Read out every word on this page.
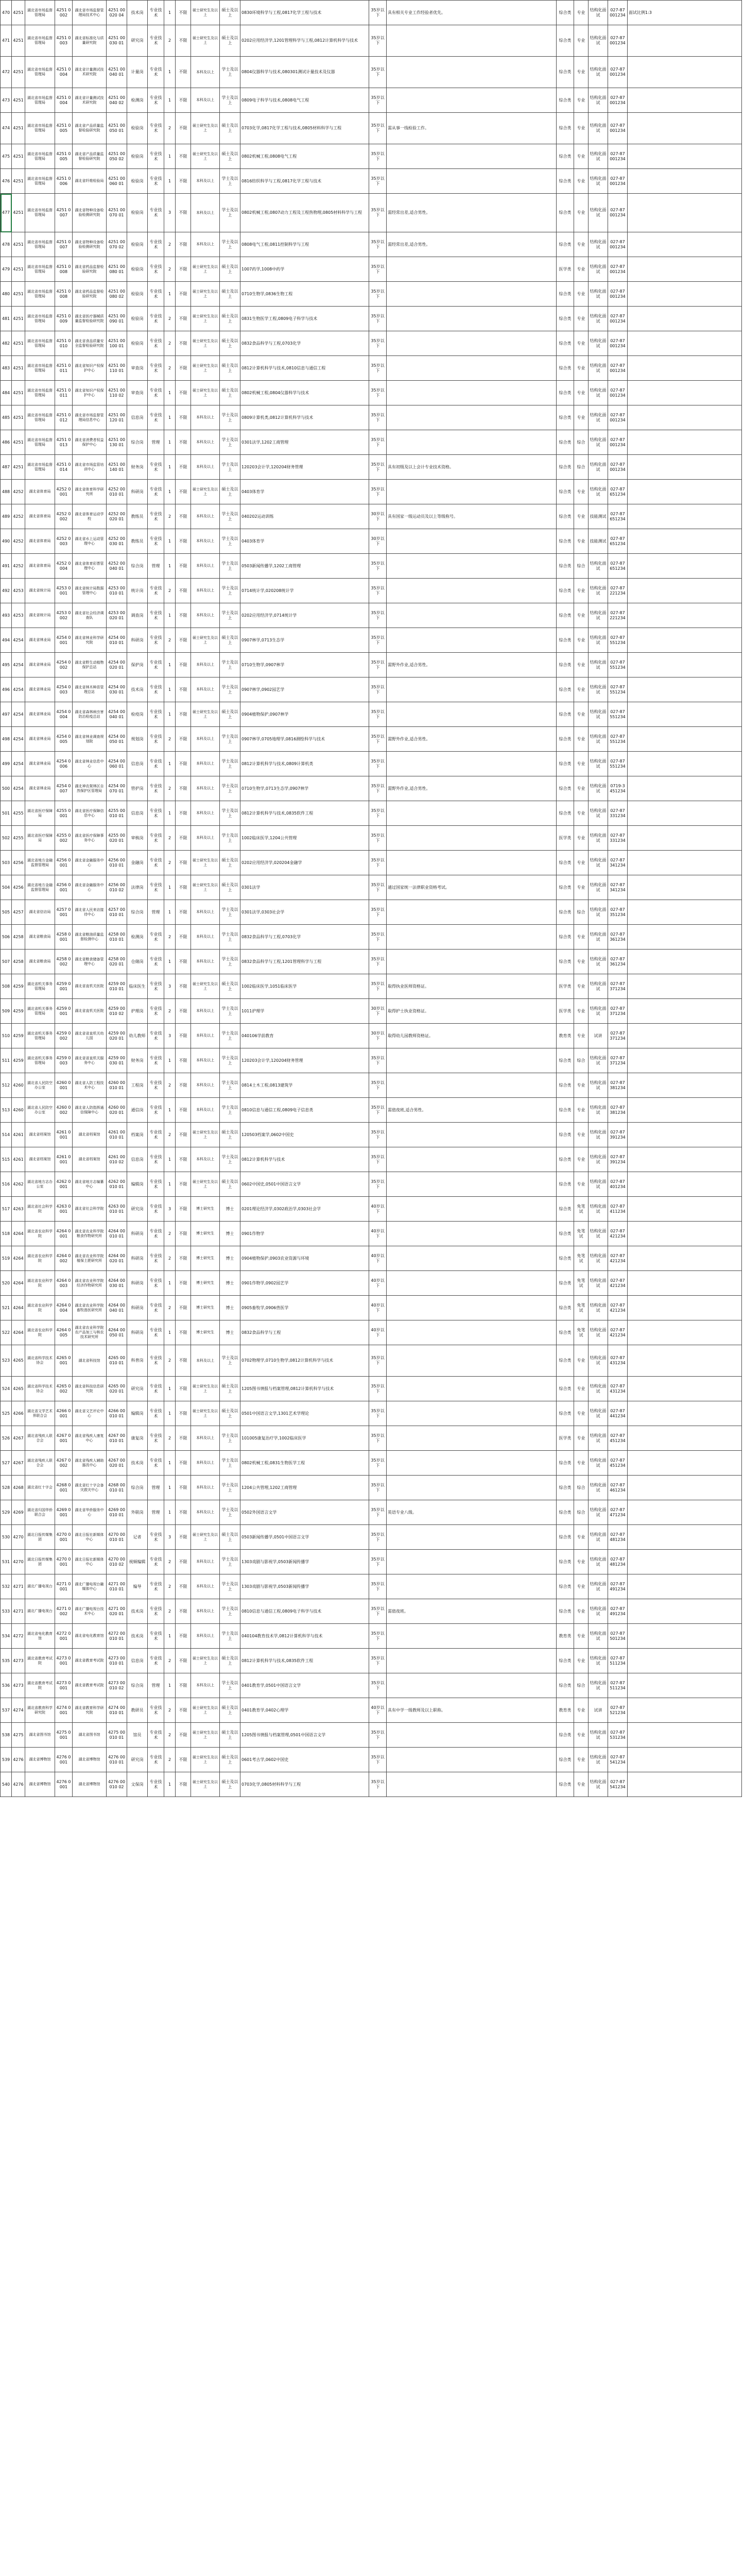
470	4251	湖北省市场监督管理局	4251 0002	湖北省市场监督管理局技术中心	4251 00020 04	技术岗	专业技术	1	不限	硕士研究生及以上	硕士及以上	0830环境科学与工程,0817化学工程与技术	35岁以下	具有相关专业工作经验者优先。	综合类	专业	结构化面试	027-87001234	面试比例1:3
471	4251	湖北省市场监督管理局	4251 0003	湖北省标准化与质量研究院	4251 00030 01	研究岗	专业技术	2	不限	硕士研究生及以上	硕士及以上	0202应用经济学,1201管理科学与工程,0812计算机科学与技术	35岁以下		综合类	专业	结构化面试	027-87001234	
472	4251	湖北省市场监督管理局	4251 0004	湖北省计量测试技术研究院	4251 00040 01	计量岗	专业技术	1	不限	本科及以上	学士及以上	0804仪器科学与技术,080301测试计量技术及仪器	35岁以下		综合类	专业	结构化面试	027-87001234	
473	4251	湖北省市场监督管理局	4251 0004	湖北省计量测试技术研究院	4251 00040 02	检测岗	专业技术	1	不限	本科及以上	学士及以上	0809电子科学与技术,0808电气工程	35岁以下		综合类	专业	结构化面试	027-87001234	
474	4251	湖北省市场监督管理局	4251 0005	湖北省产品质量监督检验研究院	4251 00050 01	检验岗	专业技术	2	不限	硕士研究生及以上	硕士及以上	0703化学,0817化学工程与技术,0805材料科学与工程	35岁以下	需从事一线检验工作。	综合类	专业	结构化面试	027-87001234	
475	4251	湖北省市场监督管理局	4251 0005	湖北省产品质量监督检验研究院	4251 00050 02	检验岗	专业技术	1	不限	硕士研究生及以上	硕士及以上	0802机械工程,0808电气工程	35岁以下		综合类	专业	结构化面试	027-87001234	
476	4251	湖北省市场监督管理局	4251 0006	湖北省纤维检验局	4251 00060 01	检验岗	专业技术	1	不限	本科及以上	学士及以上	0816纺织科学与工程,0817化学工程与技术	35岁以下		综合类	专业	结构化面试	027-87001234	
477	4251	湖北省市场监督管理局	4251 0007	湖北省特种设备检验检测研究院	4251 00070 01	检验岗	专业技术	3	不限	本科及以上	学士及以上	0802机械工程,0807动力工程及工程热物理,0805材料科学与工程	35岁以下	需经常出差,适合男性。	综合类	专业	结构化面试	027-87001234	
478	4251	湖北省市场监督管理局	4251 0007	湖北省特种设备检验检测研究院	4251 00070 02	检验岗	专业技术	2	不限	本科及以上	学士及以上	0808电气工程,0811控制科学与工程	35岁以下	需经常出差,适合男性。	综合类	专业	结构化面试	027-87001234	
479	4251	湖北省市场监督管理局	4251 0008	湖北省药品监督检验研究院	4251 00080 01	检验岗	专业技术	2	不限	硕士研究生及以上	硕士及以上	1007药学,1008中药学	35岁以下		医学类	专业	结构化面试	027-87001234	
480	4251	湖北省市场监督管理局	4251 0008	湖北省药品监督检验研究院	4251 00080 02	检验岗	专业技术	1	不限	硕士研究生及以上	硕士及以上	0710生物学,0836生物工程	35岁以下		综合类	专业	结构化面试	027-87001234	
481	4251	湖北省市场监督管理局	4251 0009	湖北省医疗器械质量监督检验研究院	4251 00090 01	检验岗	专业技术	2	不限	硕士研究生及以上	硕士及以上	0831生物医学工程,0809电子科学与技术	35岁以下		综合类	专业	结构化面试	027-87001234	
482	4251	湖北省市场监督管理局	4251 0010	湖北省食品质量安全监督检验研究院	4251 00100 01	检验岗	专业技术	2	不限	硕士研究生及以上	硕士及以上	0832食品科学与工程,0703化学	35岁以下		综合类	专业	结构化面试	027-87001234	
483	4251	湖北省市场监督管理局	4251 0011	湖北省知识产权保护中心	4251 00110 01	审查岗	专业技术	2	不限	硕士研究生及以上	硕士及以上	0812计算机科学与技术,0810信息与通信工程	35岁以下		综合类	专业	结构化面试	027-87001234	
484	4251	湖北省市场监督管理局	4251 0011	湖北省知识产权保护中心	4251 00110 02	审查岗	专业技术	1	不限	硕士研究生及以上	硕士及以上	0802机械工程,0804仪器科学与技术	35岁以下		综合类	专业	结构化面试	027-87001234	
485	4251	湖北省市场监督管理局	4251 0012	湖北省市场监督管理局信息中心	4251 00120 01	信息岗	专业技术	1	不限	本科及以上	学士及以上	0809计算机类,0812计算机科学与技术	35岁以下		综合类	专业	结构化面试	027-87001234	
486	4251	湖北省市场监督管理局	4251 0013	湖北省消费者权益保护中心	4251 00130 01	综合岗	管理	1	不限	本科及以上	学士及以上	0301法学,1202工商管理	35岁以下		综合类	综合	结构化面试	027-87001234	
487	4251	湖北省市场监督管理局	4251 0014	湖北省市场监管培训中心	4251 00140 01	财务岗	专业技术	1	不限	本科及以上	学士及以上	120203会计学,120204财务管理	35岁以下	具有初级及以上会计专业技术资格。	综合类	综合	结构化面试	027-87001234	
488	4252	湖北省体育局	4252 0001	湖北省体育科学研究所	4252 00010 01	科研岗	专业技术	1	不限	硕士研究生及以上	硕士及以上	0403体育学	35岁以下		综合类	专业	结构化面试	027-87651234	
489	4252	湖北省体育局	4252 0002	湖北省体育运动学校	4252 00020 01	教练员	专业技术	2	不限	本科及以上	学士及以上	040202运动训练	30岁以下	具有国家一级运动员及以上等级称号。	综合类	专业	技能测试	027-87651234	
490	4252	湖北省体育局	4252 0003	湖北省水上运动管理中心	4252 00030 01	教练员	专业技术	1	不限	本科及以上	学士及以上	0403体育学	30岁以下		综合类	专业	技能测试	027-87651234	
491	4252	湖北省体育局	4252 0004	湖北省体育彩票管理中心	4252 00040 01	综合岗	管理	1	不限	本科及以上	学士及以上	0503新闻传播学,1202工商管理	35岁以下		综合类	综合	结构化面试	027-87651234	
492	4253	湖北省统计局	4253 0001	湖北省统计局数据管理中心	4253 00010 01	统计岗	专业技术	2	不限	本科及以上	学士及以上	0714统计学,020208统计学	35岁以下		综合类	专业	结构化面试	027-87221234	
493	4253	湖北省统计局	4253 0002	湖北省社会经济调查队	4253 00020 01	调查岗	专业技术	1	不限	本科及以上	学士及以上	0202应用经济学,0714统计学	35岁以下		综合类	专业	结构化面试	027-87221234	
494	4254	湖北省林业局	4254 0001	湖北省林业科学研究院	4254 00010 01	科研岗	专业技术	2	不限	硕士研究生及以上	硕士及以上	0907林学,0713生态学	35岁以下		综合类	专业	结构化面试	027-87551234	
495	4254	湖北省林业局	4254 0002	湖北省野生动植物保护总站	4254 00020 01	保护岗	专业技术	1	不限	本科及以上	学士及以上	0710生物学,0907林学	35岁以下	需野外作业,适合男性。	综合类	专业	结构化面试	027-87551234	
496	4254	湖北省林业局	4254 0003	湖北省林木种苗管理总站	4254 00030 01	技术岗	专业技术	1	不限	本科及以上	学士及以上	0907林学,0902园艺学	35岁以下		综合类	专业	结构化面试	027-87551234	
497	4254	湖北省林业局	4254 0004	湖北省森林病虫害防治检疫总站	4254 00040 01	检疫岗	专业技术	1	不限	硕士研究生及以上	硕士及以上	0904植物保护,0907林学	35岁以下		综合类	专业	结构化面试	027-87551234	
498	4254	湖北省林业局	4254 0005	湖北省林业调查规划院	4254 00050 01	规划岗	专业技术	2	不限	本科及以上	学士及以上	0907林学,0705地理学,0816测绘科学与技术	35岁以下	需野外作业,适合男性。	综合类	专业	结构化面试	027-87551234	
499	4254	湖北省林业局	4254 0006	湖北省林业信息中心	4254 00060 01	信息岗	专业技术	1	不限	本科及以上	学士及以上	0812计算机科学与技术,0809计算机类	35岁以下		综合类	专业	结构化面试	027-87551234	
500	4254	湖北省林业局	4254 0007	湖北神农架林区自然保护区管理局	4254 00070 01	管护岗	专业技术	2	不限	本科及以上	学士及以上	0710生物学,0713生态学,0907林学	35岁以下	需野外作业,适合男性。	综合类	专业	结构化面试	0719-3451234	
501	4255	湖北省医疗保障局	4255 0001	湖北省医疗保障信息中心	4255 00010 01	信息岗	专业技术	1	不限	本科及以上	学士及以上	0812计算机科学与技术,0835软件工程	35岁以下		综合类	专业	结构化面试	027-87331234	
502	4255	湖北省医疗保障局	4255 0002	湖北省医疗保障事务中心	4255 00020 01	审核岗	专业技术	2	不限	本科及以上	学士及以上	1002临床医学,1204公共管理	35岁以下		医学类	专业	结构化面试	027-87331234	
503	4256	湖北省地方金融监督管理局	4256 0001	湖北省金融服务中心	4256 00010 01	金融岗	专业技术	2	不限	硕士研究生及以上	硕士及以上	0202应用经济学,020204金融学	35岁以下		综合类	专业	结构化面试	027-87341234	
504	4256	湖北省地方金融监督管理局	4256 0001	湖北省金融服务中心	4256 00010 02	法律岗	专业技术	1	不限	硕士研究生及以上	硕士及以上	0301法学	35岁以下	通过国家统一法律职业资格考试。	综合类	专业	结构化面试	027-87341234	
505	4257	湖北省信访局	4257 0001	湖北省人民来访接待中心	4257 00010 01	综合岗	管理	1	不限	本科及以上	学士及以上	0301法学,0303社会学	35岁以下		综合类	综合	结构化面试	027-87351234	
506	4258	湖北省粮食局	4258 0001	湖北省粮油质量监督检测中心	4258 00010 01	检测岗	专业技术	2	不限	本科及以上	学士及以上	0832食品科学与工程,0703化学	35岁以下		综合类	专业	结构化面试	027-87361234	
507	4258	湖北省粮食局	4258 0002	湖北省粮食储备管理中心	4258 00020 01	仓储岗	专业技术	1	不限	本科及以上	学士及以上	0832食品科学与工程,1201管理科学与工程	35岁以下		综合类	专业	结构化面试	027-87361234	
508	4259	湖北省机关事务管理局	4259 0001	湖北省直机关医院	4259 00010 01	临床医生	专业技术	3	不限	硕士研究生及以上	硕士及以上	1002临床医学,1051临床医学	35岁以下	取得执业医师资格证。	医学类	专业	结构化面试	027-87371234	
509	4259	湖北省机关事务管理局	4259 0001	湖北省直机关医院	4259 00010 02	护理岗	专业技术	2	不限	本科及以上	学士及以上	1011护理学	30岁以下	取得护士执业资格证。	医学类	专业	结构化面试	027-87371234	
510	4259	湖北省机关事务管理局	4259 0002	湖北省省直机关幼儿园	4259 00020 01	幼儿教师	专业技术	3	不限	本科及以上	学士及以上	040106学前教育	30岁以下	取得幼儿园教师资格证。	教育类	专业	试讲	027-87371234	
511	4259	湖北省机关事务管理局	4259 0003	湖北省省直机关服务中心	4259 00030 01	财务岗	专业技术	1	不限	本科及以上	学士及以上	120203会计学,120204财务管理	35岁以下		综合类	综合	结构化面试	027-87371234	
512	4260	湖北省人民防空办公室	4260 0001	湖北省人防工程技术中心	4260 00010 01	工程岗	专业技术	2	不限	本科及以上	学士及以上	0814土木工程,0813建筑学	35岁以下		综合类	专业	结构化面试	027-87381234	
513	4260	湖北省人民防空办公室	4260 0002	湖北省人防指挥通信保障中心	4260 00020 01	通信岗	专业技术	1	不限	本科及以上	学士及以上	0810信息与通信工程,0809电子信息类	35岁以下	需值夜班,适合男性。	综合类	专业	结构化面试	027-87381234	
514	4261	湖北省档案馆	4261 0001	湖北省档案馆	4261 00010 01	档案岗	专业技术	2	不限	硕士研究生及以上	硕士及以上	120503档案学,0602中国史	35岁以下		综合类	专业	结构化面试	027-87391234	
515	4261	湖北省档案馆	4261 0001	湖北省档案馆	4261 00010 02	信息岗	专业技术	1	不限	本科及以上	学士及以上	0812计算机科学与技术	35岁以下		综合类	专业	结构化面试	027-87391234	
516	4262	湖北省地方志办公室	4262 0001	湖北省地方志编纂中心	4262 00010 01	编辑岗	专业技术	1	不限	硕士研究生及以上	硕士及以上	0602中国史,0501中国语言文学	35岁以下		综合类	专业	结构化面试	027-87401234	
517	4263	湖北省社会科学院	4263 0001	湖北省社会科学院	4263 00010 01	研究岗	专业技术	3	不限	博士研究生	博士	0201理论经济学,0302政治学,0303社会学	40岁以下		综合类	免笔试	结构化面试	027-87411234	
518	4264	湖北省农业科学院	4264 0001	湖北省农业科学院粮食作物研究所	4264 00010 01	科研岗	专业技术	2	不限	博士研究生	博士	0901作物学	40岁以下		综合类	免笔试	结构化面试	027-87421234	
519	4264	湖北省农业科学院	4264 0002	湖北省农业科学院植保土肥研究所	4264 00020 01	科研岗	专业技术	2	不限	博士研究生	博士	0904植物保护,0903农业资源与环境	40岁以下		综合类	免笔试	结构化面试	027-87421234	
520	4264	湖北省农业科学院	4264 0003	湖北省农业科学院经济作物研究所	4264 00030 01	科研岗	专业技术	1	不限	博士研究生	博士	0901作物学,0902园艺学	40岁以下		综合类	免笔试	结构化面试	027-87421234	
521	4264	湖北省农业科学院	4264 0004	湖北省农业科学院畜牧兽医研究所	4264 00040 01	科研岗	专业技术	2	不限	博士研究生	博士	0905畜牧学,0906兽医学	40岁以下		综合类	免笔试	结构化面试	027-87421234	
522	4264	湖北省农业科学院	4264 0005	湖北省农业科学院农产品加工与核农技术研究所	4264 00050 01	科研岗	专业技术	1	不限	博士研究生	博士	0832食品科学与工程	40岁以下		综合类	免笔试	结构化面试	027-87421234	
523	4265	湖北省科学技术协会	4265 0001	湖北省科技馆	4265 00010 01	科普岗	专业技术	2	不限	本科及以上	学士及以上	0702物理学,0710生物学,0812计算机科学与技术	35岁以下		综合类	专业	结构化面试	027-87431234	
524	4265	湖北省科学技术协会	4265 0002	湖北省科技信息研究院	4265 00020 01	研究岗	专业技术	1	不限	硕士研究生及以上	硕士及以上	1205图书情报与档案管理,0812计算机科学与技术	35岁以下		综合类	专业	结构化面试	027-87431234	
525	4266	湖北省文学艺术界联合会	4266 0001	湖北省文艺评论中心	4266 00010 01	编辑岗	专业技术	1	不限	硕士研究生及以上	硕士及以上	0501中国语言文学,1301艺术学理论	35岁以下		综合类	专业	结构化面试	027-87441234	
526	4267	湖北省残疾人联合会	4267 0001	湖北省残疾人康复中心	4267 00010 01	康复岗	专业技术	2	不限	本科及以上	学士及以上	101005康复治疗学,1002临床医学	35岁以下		医学类	专业	结构化面试	027-87451234	
527	4267	湖北省残疾人联合会	4267 0002	湖北省残疾人辅助器具中心	4267 00020 01	技术岗	专业技术	1	不限	本科及以上	学士及以上	0802机械工程,0831生物医学工程	35岁以下		综合类	专业	结构化面试	027-87451234	
528	4268	湖北省红十字会	4268 0001	湖北省红十字会备灾救灾中心	4268 00010 01	综合岗	管理	1	不限	本科及以上	学士及以上	1204公共管理,1202工商管理	35岁以下		综合类	综合	结构化面试	027-87461234	
529	4269	湖北省归国华侨联合会	4269 0001	湖北省华侨服务中心	4269 00010 01	外联岗	管理	1	不限	本科及以上	学士及以上	0502外国语言文学	35岁以下	英语专业八级。	综合类	综合	结构化面试	027-87471234	
530	4270	湖北日报传媒集团	4270 0001	湖北日报社新媒体中心	4270 00010 01	记者	专业技术	3	不限	硕士研究生及以上	硕士及以上	0503新闻传播学,0501中国语言文学	35岁以下		综合类	专业	结构化面试	027-87481234	
531	4270	湖北日报传媒集团	4270 0001	湖北日报社新媒体中心	4270 00010 02	视频编辑	专业技术	2	不限	本科及以上	学士及以上	1303戏剧与影视学,0503新闻传播学	35岁以下		综合类	专业	结构化面试	027-87481234	
532	4271	湖北广播电视台	4271 0001	湖北广播电视台融媒体中心	4271 00010 01	编导	专业技术	2	不限	本科及以上	学士及以上	1303戏剧与影视学,0503新闻传播学	35岁以下		综合类	专业	结构化面试	027-87491234	
533	4271	湖北广播电视台	4271 0002	湖北广播电视台技术中心	4271 00020 01	技术岗	专业技术	2	不限	本科及以上	学士及以上	0810信息与通信工程,0809电子科学与技术	35岁以下	需值夜班。	综合类	专业	结构化面试	027-87491234	
534	4272	湖北省电化教育馆	4272 0001	湖北省电化教育馆	4272 00010 01	技术岗	专业技术	1	不限	本科及以上	学士及以上	040104教育技术学,0812计算机科学与技术	35岁以下		教育类	专业	结构化面试	027-87501234	
535	4273	湖北省教育考试院	4273 0001	湖北省教育考试院	4273 00010 01	信息岗	专业技术	2	不限	硕士研究生及以上	硕士及以上	0812计算机科学与技术,0835软件工程	35岁以下		综合类	专业	结构化面试	027-87511234	
536	4273	湖北省教育考试院	4273 0001	湖北省教育考试院	4273 00010 02	综合岗	管理	1	不限	本科及以上	学士及以上	0401教育学,0501中国语言文学	35岁以下		综合类	综合	结构化面试	027-87511234	
537	4274	湖北省教育科学研究院	4274 0001	湖北省教育科学研究院	4274 00010 01	教研员	专业技术	2	不限	硕士研究生及以上	硕士及以上	0401教育学,0402心理学	40岁以下	具有中学一级教师及以上职称。	教育类	专业	试讲	027-87521234	
538	4275	湖北省图书馆	4275 0001	湖北省图书馆	4275 00010 01	馆员	专业技术	2	不限	硕士研究生及以上	硕士及以上	1205图书情报与档案管理,0501中国语言文学	35岁以下		综合类	专业	结构化面试	027-87531234	
539	4276	湖北省博物馆	4276 0001	湖北省博物馆	4276 00010 01	研究岗	专业技术	2	不限	硕士研究生及以上	硕士及以上	0601考古学,0602中国史	35岁以下		综合类	专业	结构化面试	027-87541234	
540	4276	湖北省博物馆	4276 0001	湖北省博物馆	4276 00010 02	文保岗	专业技术	1	不限	硕士研究生及以上	硕士及以上	0703化学,0805材料科学与工程	35岁以下		综合类	专业	结构化面试	027-87541234	
